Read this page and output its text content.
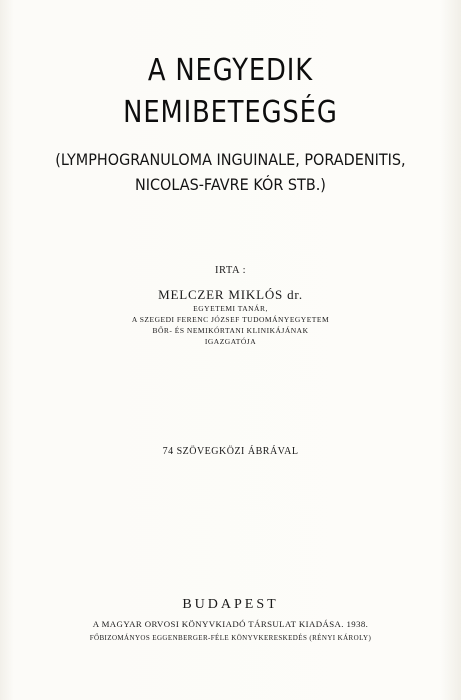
A NEGYEDIK
NEMIBETEGSÉG
(LYMPHOGRANULOMA INGUINALE, PORADENITIS,
NICOLAS-FAVRE KÓR STB.)
IRTA :
MELCZER MIKLÓS dr.
EGYETEMI TANÁR,
A SZEGEDI FERENC JÓZSEF TUDOMÁNYEGYETEM
BŐR- ÉS NEMIKÓRTANI KLINIKÁJÁNAK
IGAZGATÓJA
74 SZÖVEGKÖZI ÁBRÁVAL
BUDAPEST
A MAGYAR ORVOSI KÖNYVKIADÓ TÁRSULAT KIADÁSA. 1938.
FŐBIZOMÁNYOS EGGENBERGER-FÉLE KÖNYVKERESKEDÉS (RÉNYI KÁROLY)
